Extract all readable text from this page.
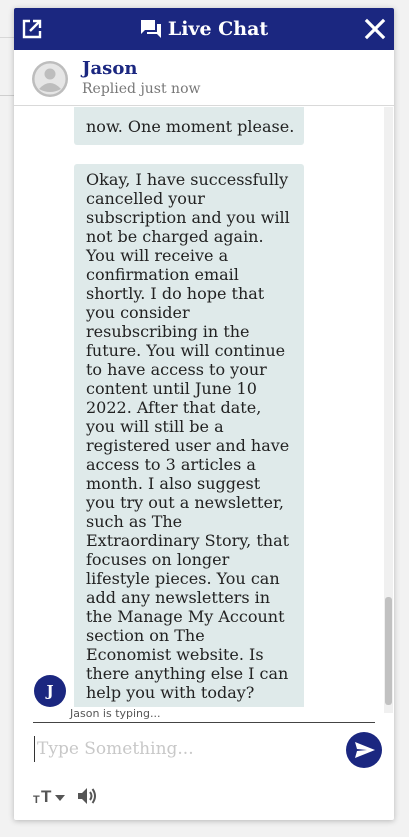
Live Chat
Jason
Replied just now
now. One moment please.
Okay, I have successfully cancelled your subscription and you will not be charged again. You will receive a confirmation email shortly. I do hope that you consider resubscribing in the future. You will continue to have access to your content until June 10 2022. After that date, you will still be a registered user and have access to 3 articles a month. I also suggest you try out a newsletter, such as The Extraordinary Story, that focuses on longer lifestyle pieces. You can add any newsletters in the Manage My Account section on The Economist website. Is there anything else I can help you with today?
J
Jason is typing...
Type Something...
T T
